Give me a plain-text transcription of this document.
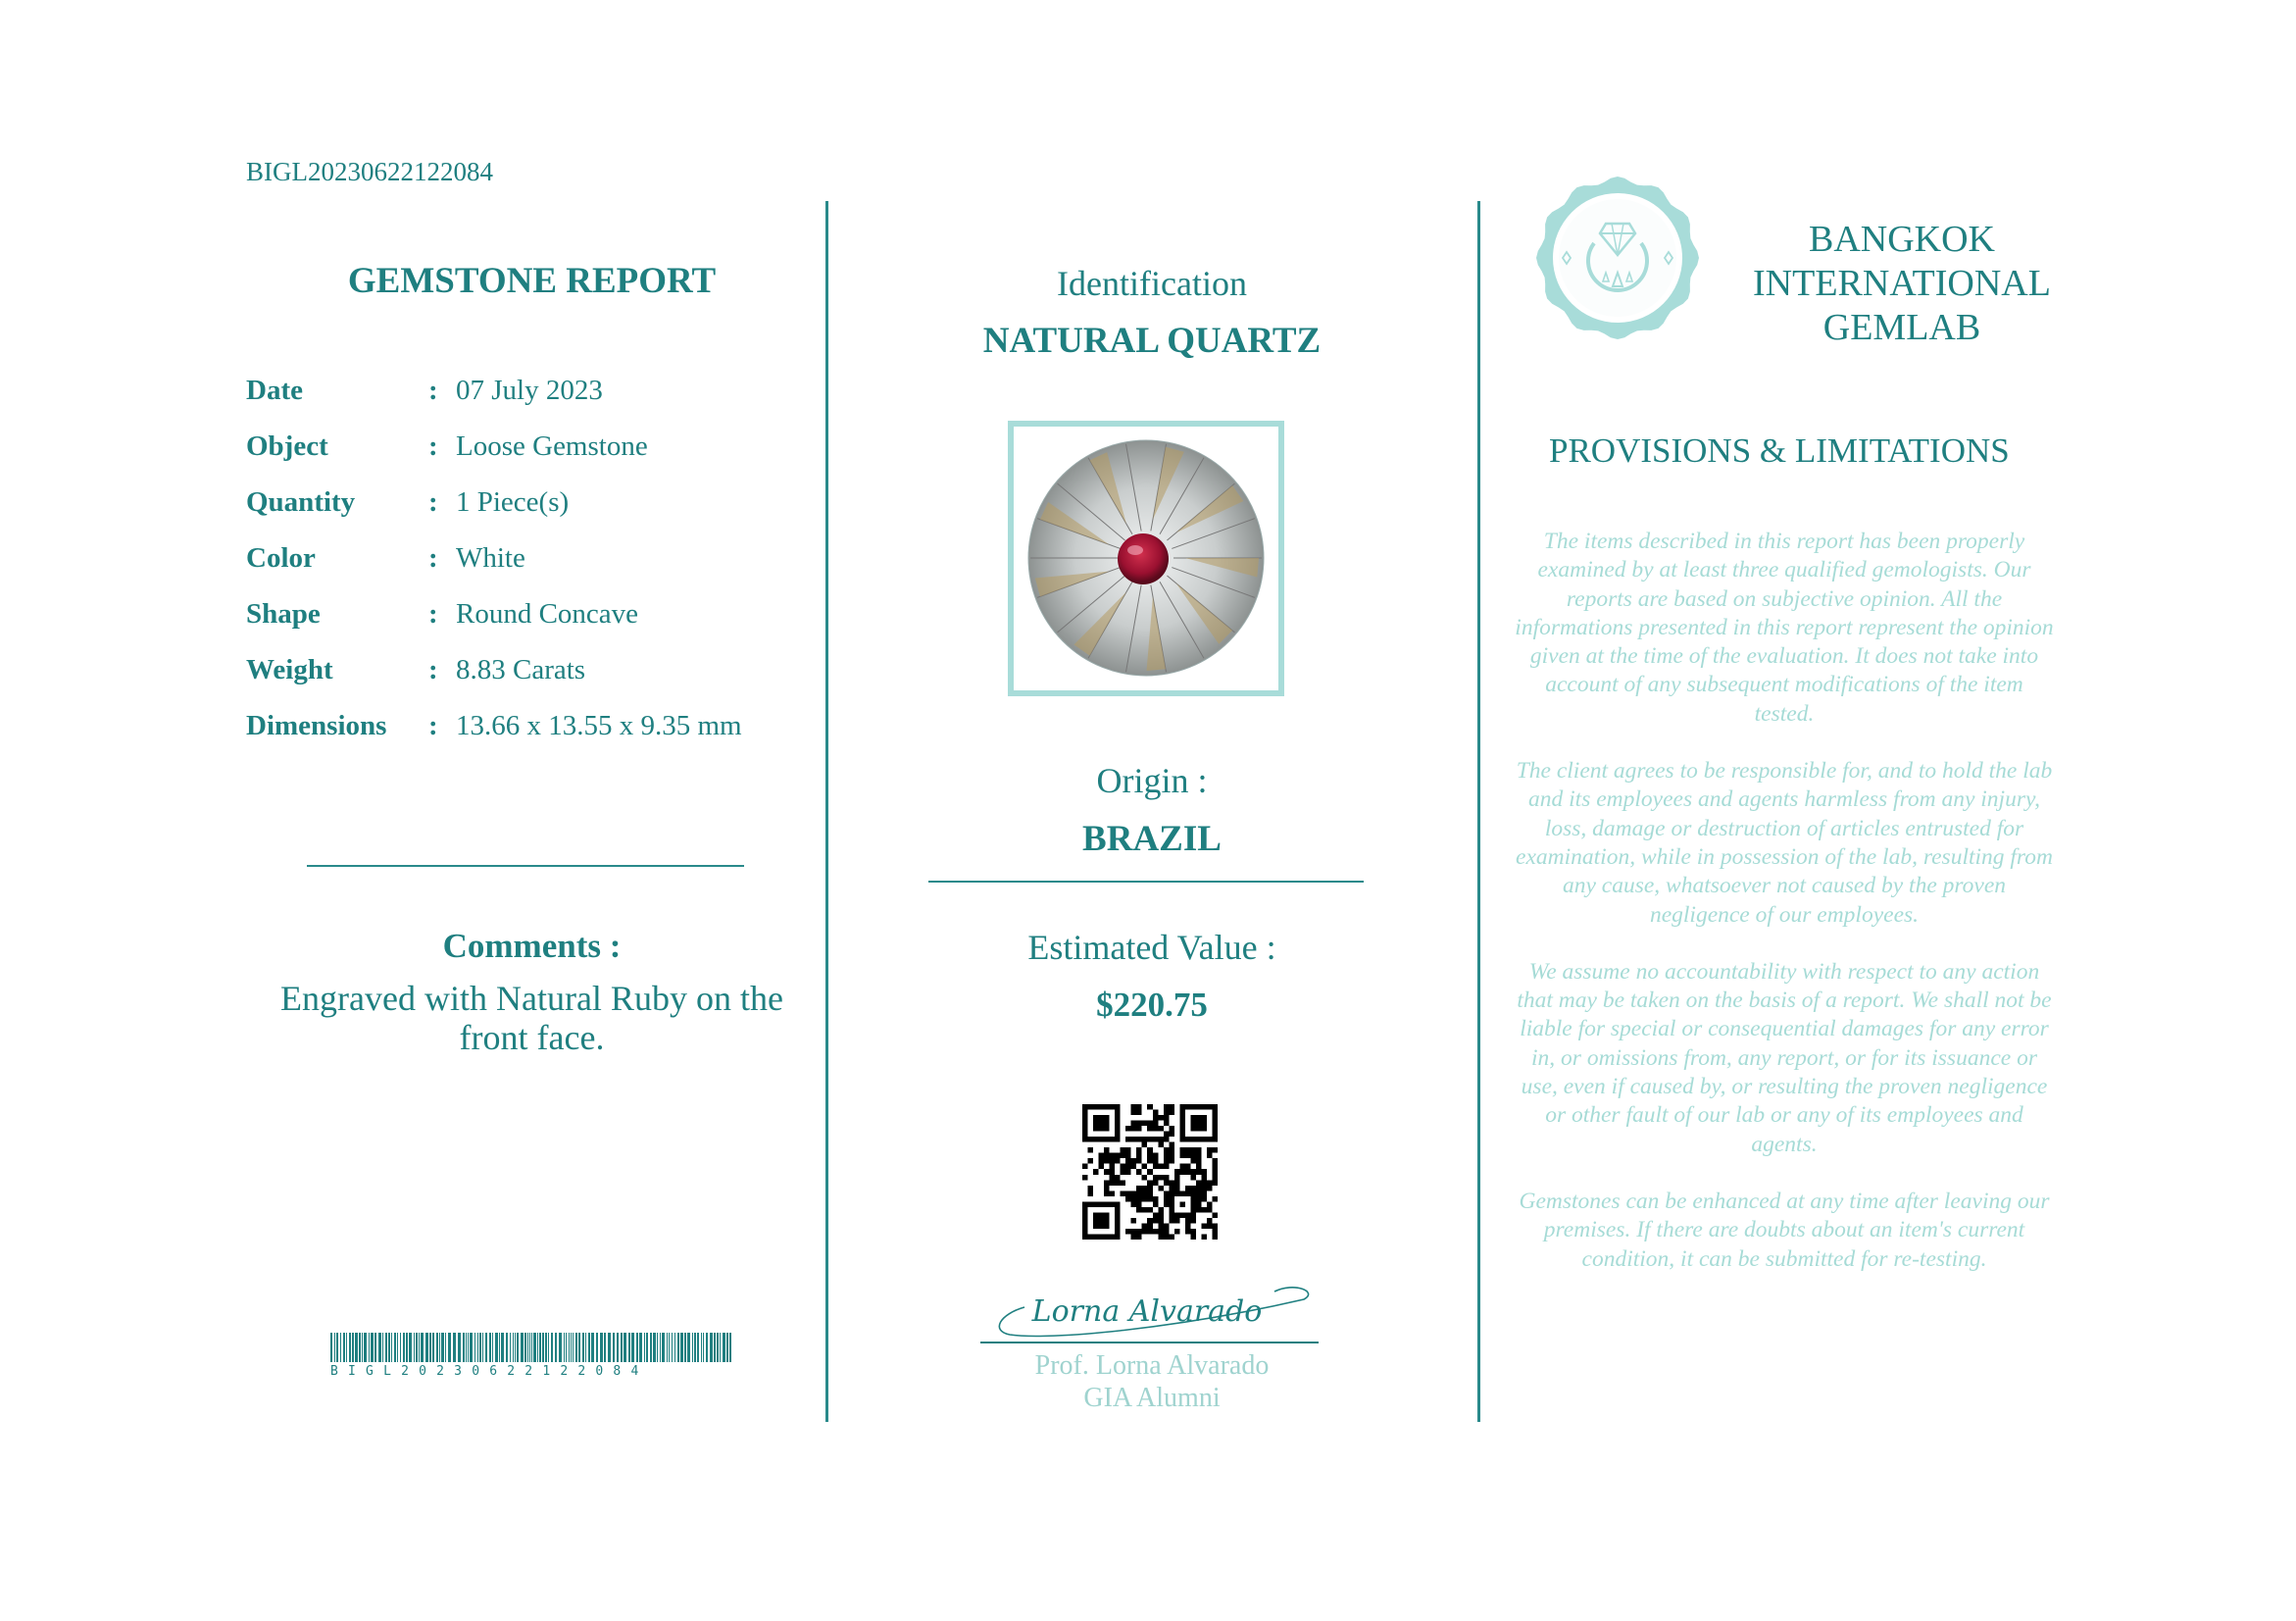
BIGL20230622122084
GEMSTONE REPORT
Date	: 07 July 2023
Object	: Loose Gemstone
Quantity	: 1 Piece(s)
Color	: White
Shape	: Round Concave
Weight	: 8.83 Carats
Dimensions : 13.66 x 13.55 x 9.35 mm
Comments :
Engraved with Natural Ruby on the front face.
BIGL20230622122084
Identification
NATURAL QUARTZ
Origin :
BRAZIL
Estimated Value :
$220.75
Lorna Alvarado
Prof. Lorna Alvarado
GIA Alumni
BANGKOK
INTERNATIONAL
GEMLAB
PROVISIONS & LIMITATIONS

The items described in this report has been properly examined by at least three qualified gemologists. Our reports are based on subjective opinion. All the informations presented in this report represent the opinion given at the time of the evaluation. It does not take into account of any subsequent modifications of the item tested.

The client agrees to be responsible for, and to hold the lab and its employees and agents harmless from any injury, loss, damage or destruction of articles entrusted for examination, while in possession of the lab, resulting from any cause, whatsoever not caused by the proven negligence of our employees.

We assume no accountability with respect to any action that may be taken on the basis of a report. We shall not be liable for special or consequential damages for any error in, or omissions from, any report, or for its issuance or use, even if caused by, or resulting the proven negligence or other fault of our lab or any of its employees and agents.

Gemstones can be enhanced at any time after leaving our premises. If there are doubts about an item's current condition, it can be submitted for re-testing.
